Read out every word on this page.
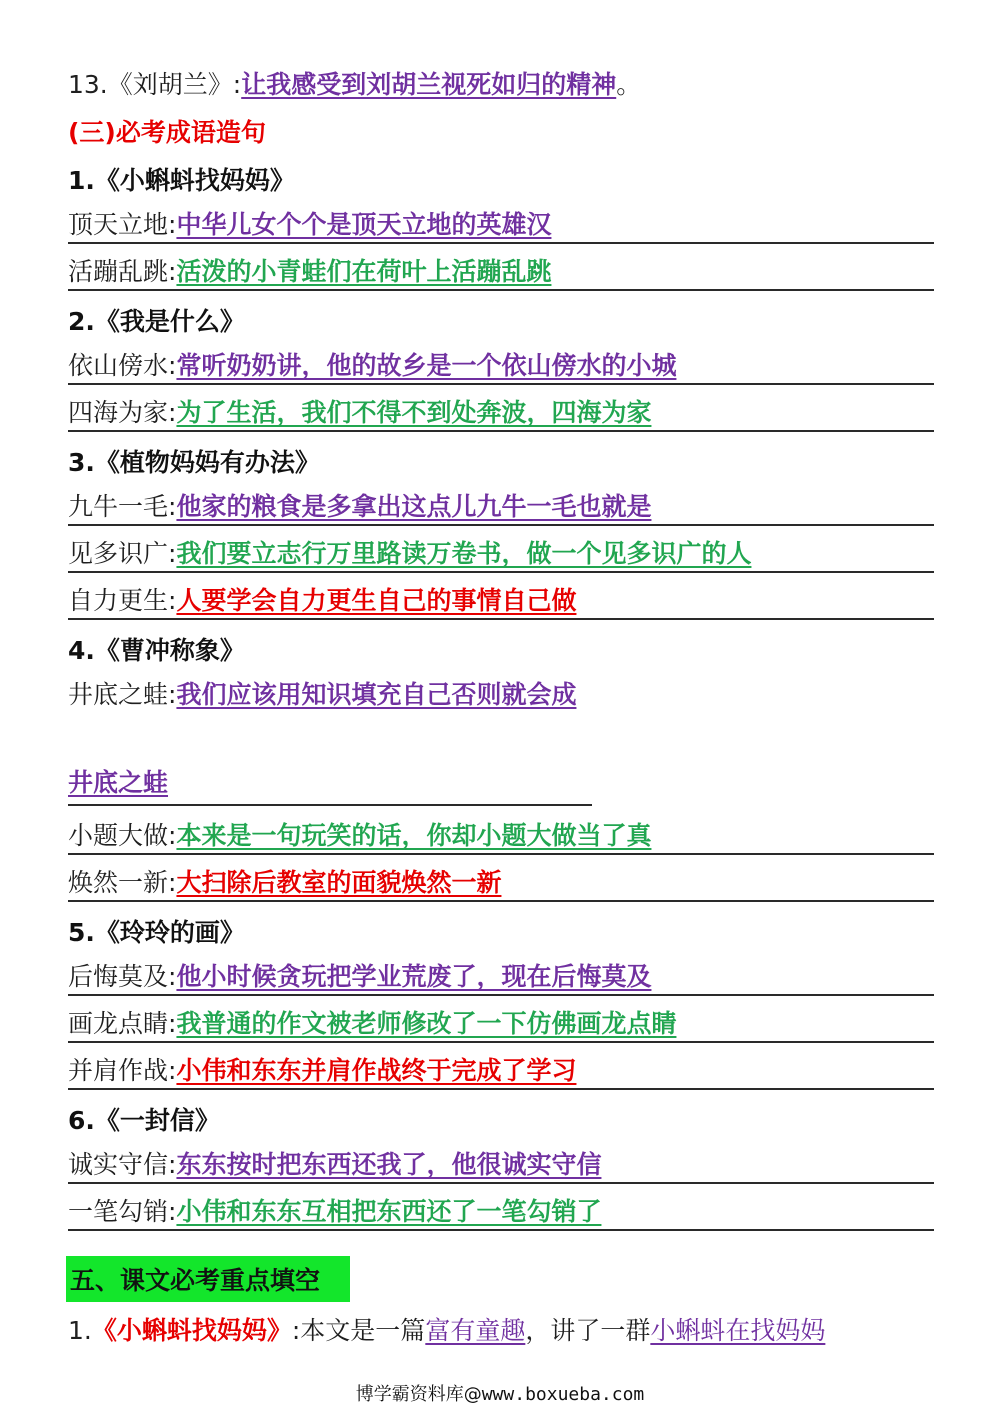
13. 《刘胡兰》: 让我感受到刘胡兰视死如归的精神 。
(三)必考成语造句
1.《小蝌蚪找妈妈》
顶天立地: 中华儿女个个是顶天立地的英雄汉
活蹦乱跳: 活泼的小青蛙们在荷叶上活蹦乱跳
2.《我是什么》
依山傍水: 常听奶奶讲，他的故乡是一个依山傍水的小城
四海为家: 为了生活，我们不得不到处奔波，四海为家
3.《植物妈妈有办法》
九牛一毛: 他家的粮食是多拿出这点儿九牛一毛也就是
见多识广: 我们要立志行万里路读万卷书，做一个见多识广的人
自力更生: 人要学会自力更生自己的事情自己做
4.《曹冲称象》
井底之蛙: 我们应该用知识填充自己否则就会成
井底之蛙
小题大做: 本来是一句玩笑的话，你却小题大做当了真
焕然一新: 大扫除后教室的面貌焕然一新
5.《玲玲的画》
后悔莫及: 他小时候贪玩把学业荒废了，现在后悔莫及
画龙点睛: 我普通的作文被老师修改了一下仿佛画龙点睛
并肩作战: 小伟和东东并肩作战终于完成了学习
6.《一封信》
诚实守信: 东东按时把东西还我了，他很诚实守信
一笔勾销: 小伟和东东互相把东西还了一笔勾销了
五、课文必考重点填空
1. 《小蝌蚪找妈妈》 :本文是一篇 富有童趣 ，讲了一群 小蝌蚪在找妈妈
博学霸资料库@www.boxueba.com
